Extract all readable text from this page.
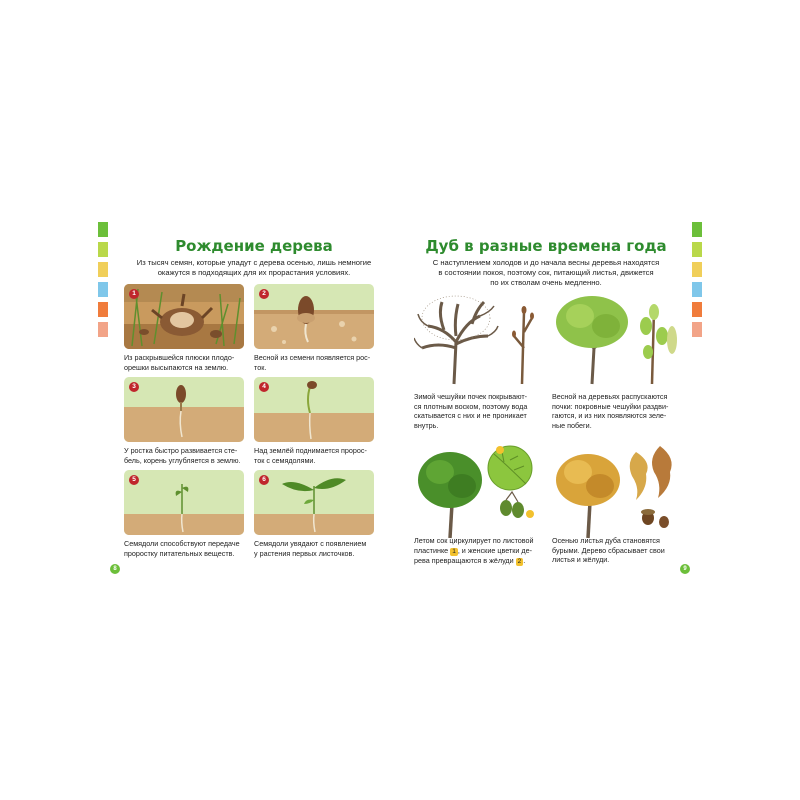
Рождение дерева
Из тысяч семян, которые упадут с дерева осенью, лишь немногие
окажутся в подходящих для их прорастания условиях.
1
Из раскрывшейся плюски плодо-
орешки высыпаются на землю.
2
Весной из семени появляется рос-
ток.
3
У ростка быстро развивается сте-
бель, корень углубляется в землю.
4
Над землёй поднимается пророс-
ток с семядолями.
5
Семядоли способствуют передаче
проростку питательных веществ.
6
Семядоли увядают с появлением
у растения первых листочков.
8
Дуб в разные времена года
С наступлением холодов и до начала весны деревья находятся
в состоянии покоя, поэтому сок, питающий листья, движется
по их стволам очень медленно.
Зимой чешуйки почек покрывают-
ся плотным воском, поэтому вода
скатывается с них и не проникает
внутрь.
Весной на деревьях распускаются
почки: покровные чешуйки раздви-
гаются, и из них появляются зеле-
ные побеги.
Летом сок циркулирует по листовой
пластинке 1 , и женские цветки де-
рева превращаются в жёлуди 2 .
Осенью листья дуба становятся
бурыми. Дерево сбрасывает свои
листья и жёлуди.
9
